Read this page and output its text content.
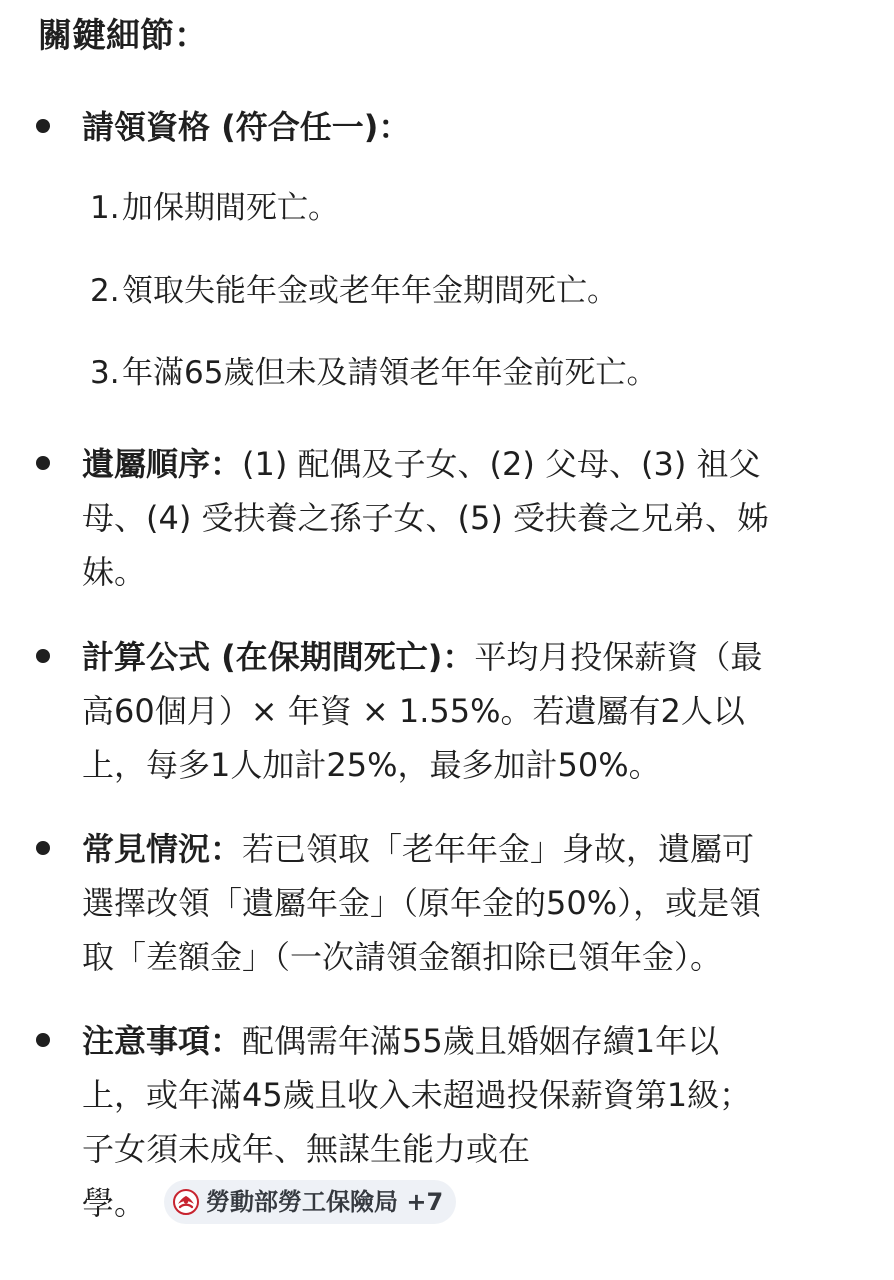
關鍵細節：
請領資格 (符合任一)：
1.加保期間死亡。
2.領取失能年金或老年年金期間死亡。
3.年滿65歲但未及請領老年年金前死亡。
遺屬順序：(1) 配偶及子女、(2) 父母、(3) 祖父
母、(4) 受扶養之孫子女、(5) 受扶養之兄弟、姊
妹。
計算公式 (在保期間死亡)：平均月投保薪資（最
高60個月）× 年資 × 1.55%。若遺屬有2人以
上，每多1人加計25%，最多加計50%。
常見情況：若已領取「老年年金」身故，遺屬可
選擇改領「遺屬年金」（原年金的50%），或是領
取「差額金」（一次請領金額扣除已領年金）。
注意事項：配偶需年滿55歲且婚姻存續1年以
上，或年滿45歲且收入未超過投保薪資第1級；
子女須未成年、無謀生能力或在
學。	勞動部勞工保險局 +7
